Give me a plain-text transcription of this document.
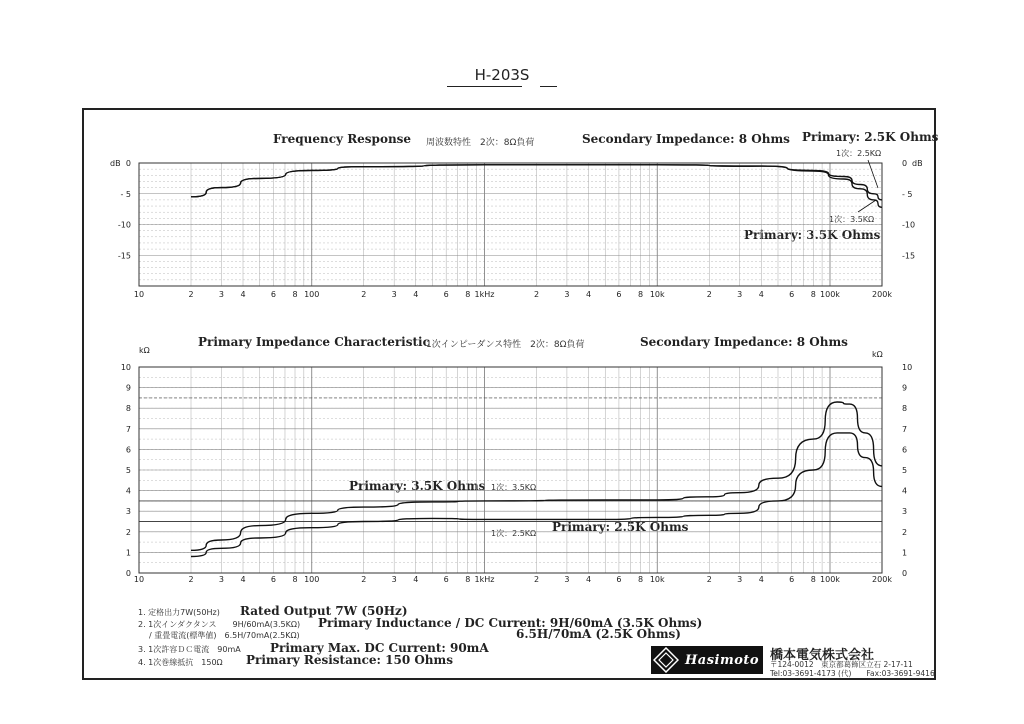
H-203S
Frequency Response 周波数特性　2次：8Ω負荷	Secondary Impedance: 8 Ohms Primary: 2.5K Ohms
1次：2.5KΩ
1次：3.5KΩ
Primary: 3.5K Ohms
Primary Impedance Characteristic
1次インピーダンス特性　2次：8Ω負荷	Secondary Impedance: 8 Ohms
Primary: 3.5K Ohms 1次：3.5KΩ
Primary: 2.5K Ohms
1次：2.5KΩ
10	2	3 4	6 8 100	2	3 4	6 8 1kHz	2	3 4	6 8 10k	2	3 4	6 8 100k	200k
0	0
- 5	- 5
-10	-10
-15	-15
dB	dB
10	2	3 4	6 8 100	2	3 4	6 8 1kHz	2	3 4	6 8 10k	2	3 4	6 8 100k	200k
0	0
1	1
2	2
3	3
4	4
5	5
6	6
7	7
8	8
9	9
10	10
kΩ	kΩ
1. 定格出力7W(50Hz) Rated Output 7W (50Hz)
2. 1次インダクタンス　　9H/60mA(3.5KΩ) Primary Inductance / DC Current: 9H/60mA (3.5K Ohms)
/ 重畳電流(標準値)　6.5H/70mA(2.5KΩ)	6.5H/70mA (2.5K Ohms)
3. 1次許容ＤＣ電流　90mA Primary Max. DC Current: 90mA
4. 1次巻線抵抗　150Ω Primary Resistance: 150 Ohms	Hasimoto 橋本電気株式会社
〒124-0012　東京都葛飾区立石 2-17-11
Tel:03-3691-4173 (代)　　Fax:03-3691-9416
